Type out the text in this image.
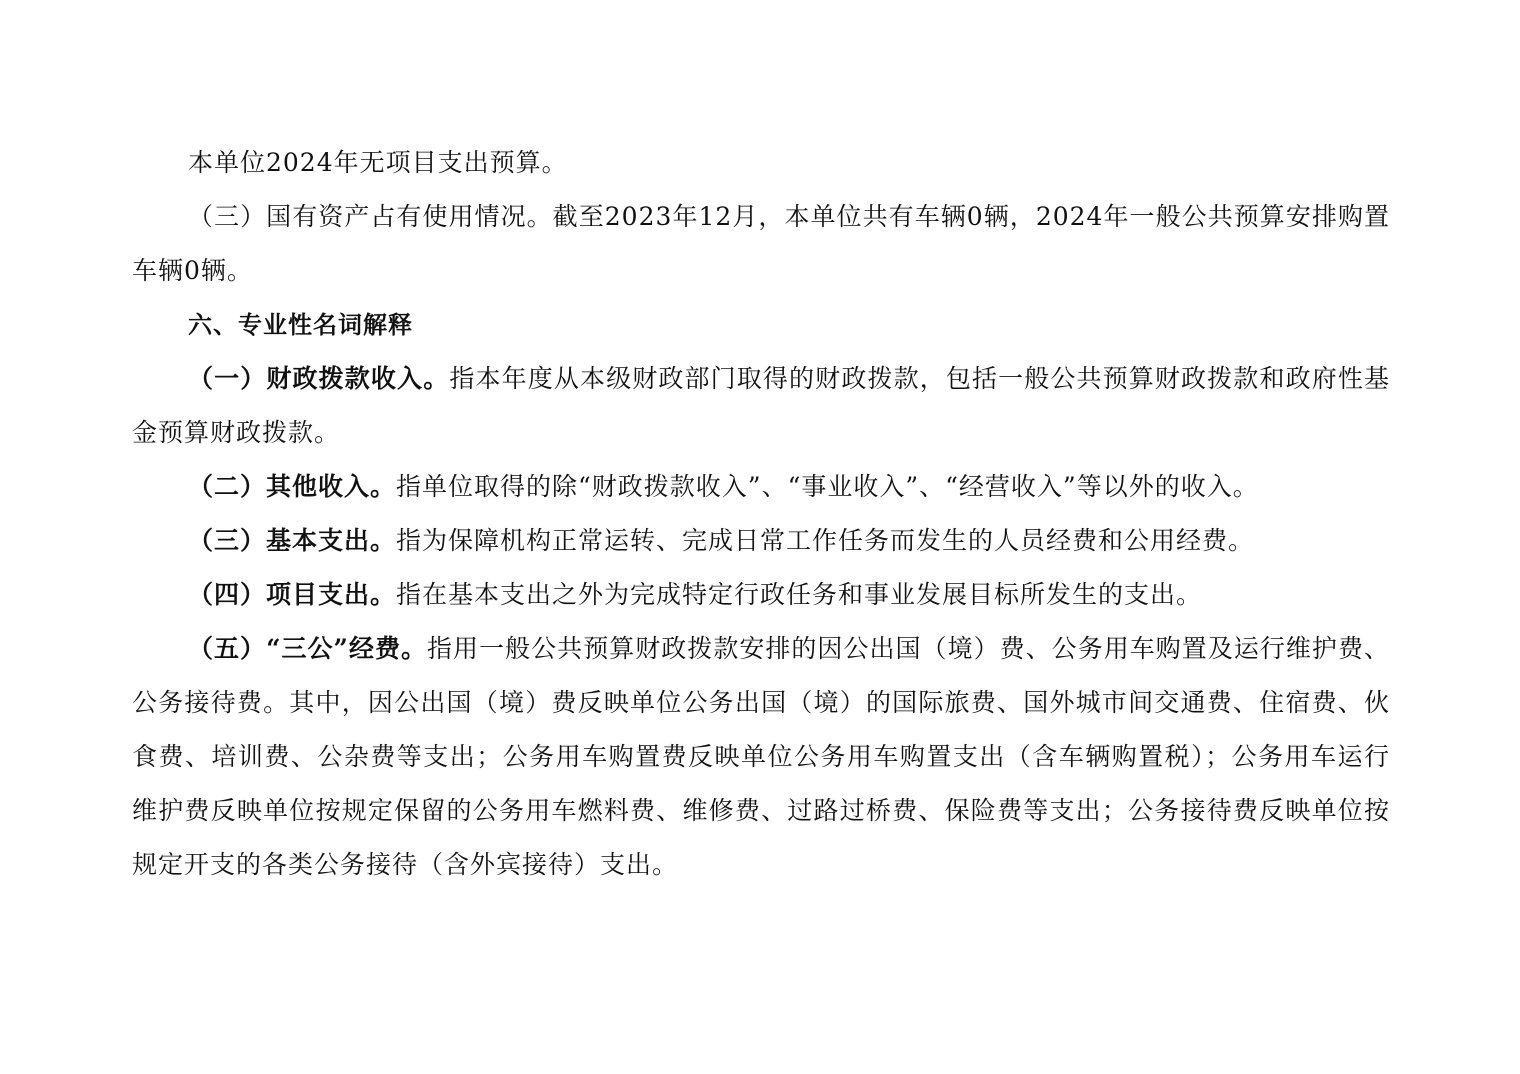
本单位2024年无项目支出预算。

（三）国有资产占有使用情况。截至2023年12月，本单位共有车辆0辆，2024年一般公共预算安排购置车辆0辆。

六、专业性名词解释

（一）财政拨款收入。指本年度从本级财政部门取得的财政拨款，包括一般公共预算财政拨款和政府性基金预算财政拨款。

（二）其他收入。指单位取得的除“财政拨款收入”、“事业收入”、“经营收入”等以外的收入。

（三）基本支出。指为保障机构正常运转、完成日常工作任务而发生的人员经费和公用经费。

（四）项目支出。指在基本支出之外为完成特定行政任务和事业发展目标所发生的支出。

（五）“三公”经费。指用一般公共预算财政拨款安排的因公出国（境）费、公务用车购置及运行维护费、公务接待费。其中，因公出国（境）费反映单位公务出国（境）的国际旅费、国外城市间交通费、住宿费、伙食费、培训费、公杂费等支出；公务用车购置费反映单位公务用车购置支出（含车辆购置税）；公务用车运行维护费反映单位按规定保留的公务用车燃料费、维修费、过路过桥费、保险费等支出；公务接待费反映单位按规定开支的各类公务接待（含外宾接待）支出。
